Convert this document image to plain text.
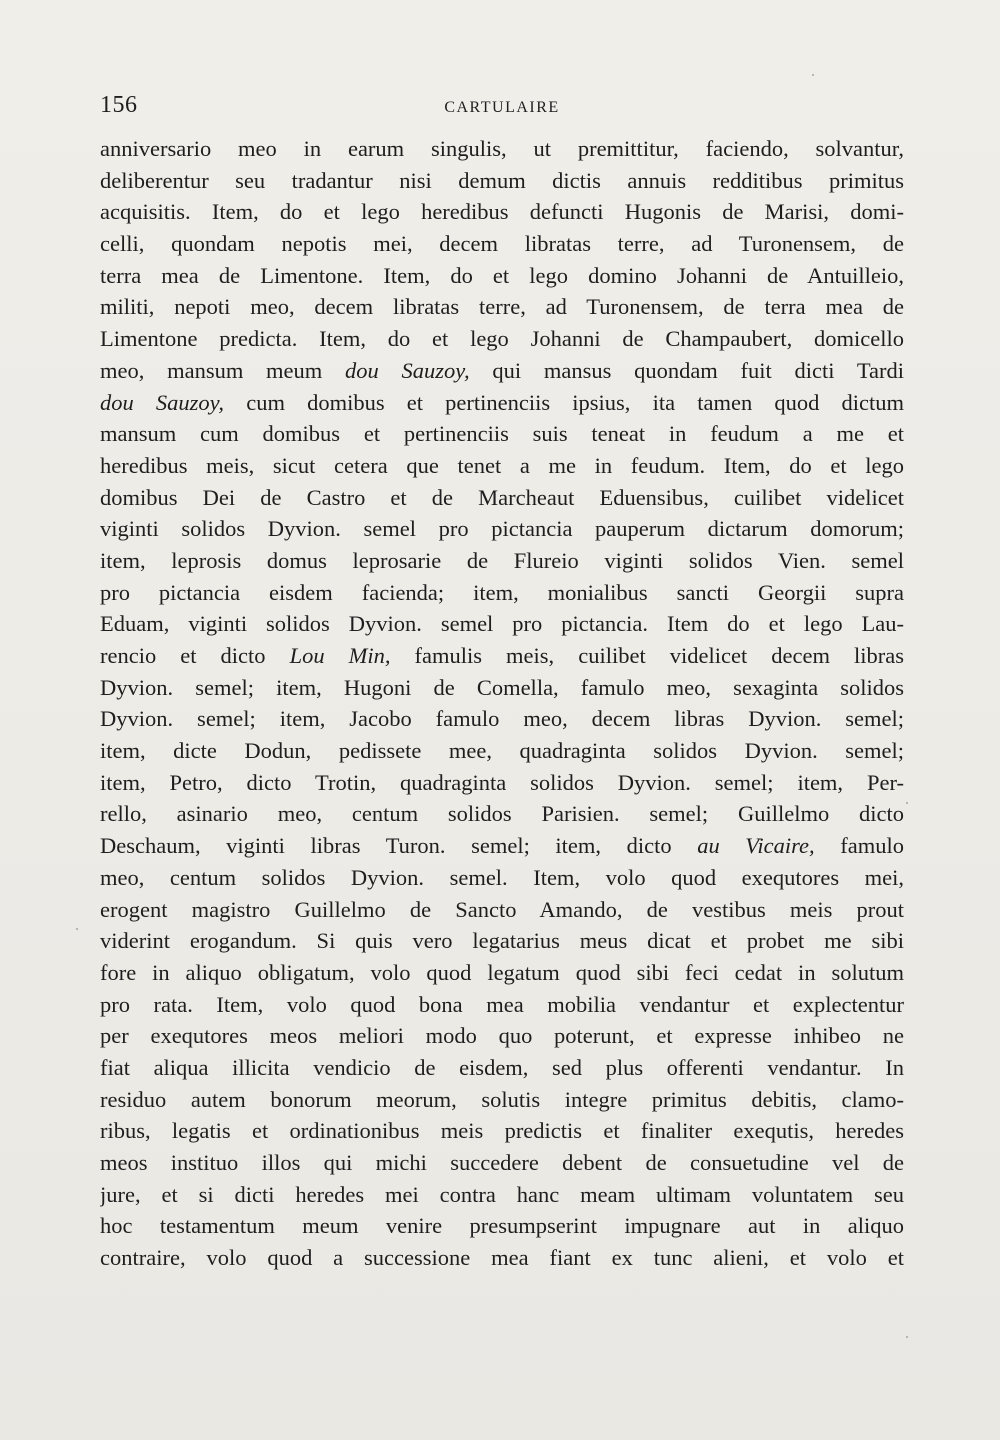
156	CARTULAIRE
anniversario meo in earum singulis, ut premittitur, faciendo, solvantur,
deliberentur seu tradantur nisi demum dictis annuis redditibus primitus
acquisitis. Item, do et lego heredibus defuncti Hugonis de Marisi, domi-
celli, quondam nepotis mei, decem libratas terre, ad Turonensem, de
terra mea de Limentone. Item, do et lego domino Johanni de Antuilleio,
militi, nepoti meo, decem libratas terre, ad Turonensem, de terra mea de
Limentone predicta. Item, do et lego Johanni de Champaubert, domicello
meo, mansum meum dou Sauzoy, qui mansus quondam fuit dicti Tardi
dou Sauzoy, cum domibus et pertinenciis ipsius, ita tamen quod dictum
mansum cum domibus et pertinenciis suis teneat in feudum a me et
heredibus meis, sicut cetera que tenet a me in feudum. Item, do et lego
domibus Dei de Castro et de Marcheaut Eduensibus, cuilibet videlicet
viginti solidos Dyvion. semel pro pictancia pauperum dictarum domorum;
item, leprosis domus leprosarie de Flureio viginti solidos Vien. semel
pro pictancia eisdem facienda; item, monialibus sancti Georgii supra
Eduam, viginti solidos Dyvion. semel pro pictancia. Item do et lego Lau-
rencio et dicto Lou Min, famulis meis, cuilibet videlicet decem libras
Dyvion. semel; item, Hugoni de Comella, famulo meo, sexaginta solidos
Dyvion. semel; item, Jacobo famulo meo, decem libras Dyvion. semel;
item, dicte Dodun, pedissete mee, quadraginta solidos Dyvion. semel;
item, Petro, dicto Trotin, quadraginta solidos Dyvion. semel; item, Per-
rello, asinario meo, centum solidos Parisien. semel; Guillelmo dicto
Deschaum, viginti libras Turon. semel; item, dicto au Vicaire, famulo
meo, centum solidos Dyvion. semel. Item, volo quod exequtores mei,
erogent magistro Guillelmo de Sancto Amando, de vestibus meis prout
viderint erogandum. Si quis vero legatarius meus dicat et probet me sibi
fore in aliquo obligatum, volo quod legatum quod sibi feci cedat in solutum
pro rata. Item, volo quod bona mea mobilia vendantur et explectentur
per exequtores meos meliori modo quo poterunt, et expresse inhibeo ne
fiat aliqua illicita vendicio de eisdem, sed plus offerenti vendantur. In
residuo autem bonorum meorum, solutis integre primitus debitis, clamo-
ribus, legatis et ordinationibus meis predictis et finaliter exequtis, heredes
meos instituo illos qui michi succedere debent de consuetudine vel de
jure, et si dicti heredes mei contra hanc meam ultimam voluntatem seu
hoc testamentum meum venire presumpserint impugnare aut in aliquo
contraire, volo quod a successione mea fiant ex tunc alieni, et volo et
